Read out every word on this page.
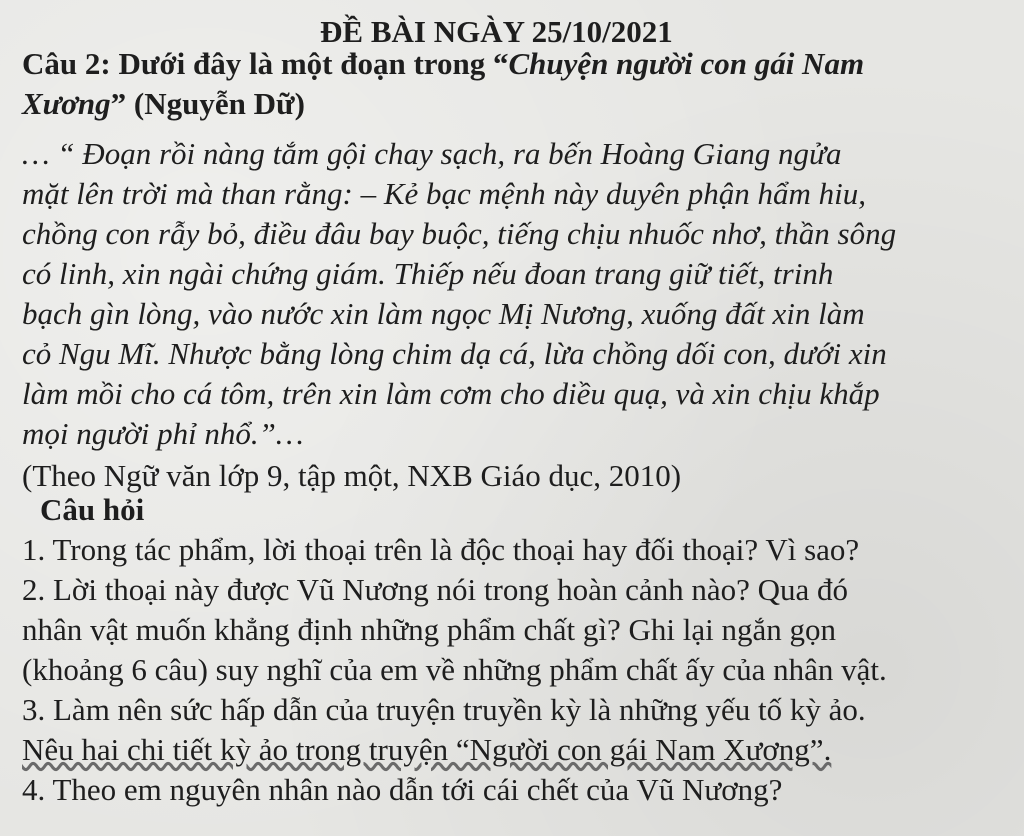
ĐỀ BÀI NGÀY 25/10/2021
Câu 2: Dưới đây là một đoạn trong “Chuyện người con gái Nam
Xương” (Nguyễn Dữ)
… “ Đoạn rồi nàng tắm gội chay sạch, ra bến Hoàng Giang ngửa
mặt lên trời mà than rằng: – Kẻ bạc mệnh này duyên phận hẩm hiu,
chồng con rẫy bỏ, điều đâu bay buộc, tiếng chịu nhuốc nhơ, thần sông
có linh, xin ngài chứng giám. Thiếp nếu đoan trang giữ tiết, trinh
bạch gìn lòng, vào nước xin làm ngọc Mị Nương, xuống đất xin làm
cỏ Ngu Mĩ. Nhược bằng lòng chim dạ cá, lừa chồng dối con, dưới xin
làm mồi cho cá tôm, trên xin làm cơm cho diều quạ, và xin chịu khắp
mọi người phỉ nhổ.”…
(Theo Ngữ văn lớp 9, tập một, NXB Giáo dục, 2010)
Câu hỏi
1. Trong tác phẩm, lời thoại trên là độc thoại hay đối thoại? Vì sao?
2. Lời thoại này được Vũ Nương nói trong hoàn cảnh nào? Qua đó
nhân vật muốn khẳng định những phẩm chất gì? Ghi lại ngắn gọn
(khoảng 6 câu) suy nghĩ của em về những phẩm chất ấy của nhân vật.
3. Làm nên sức hấp dẫn của truyện truyền kỳ là những yếu tố kỳ ảo.
Nêu hai chi tiết kỳ ảo trong truyện “Người con gái Nam Xương”.
4. Theo em nguyên nhân nào dẫn tới cái chết của Vũ Nương?
